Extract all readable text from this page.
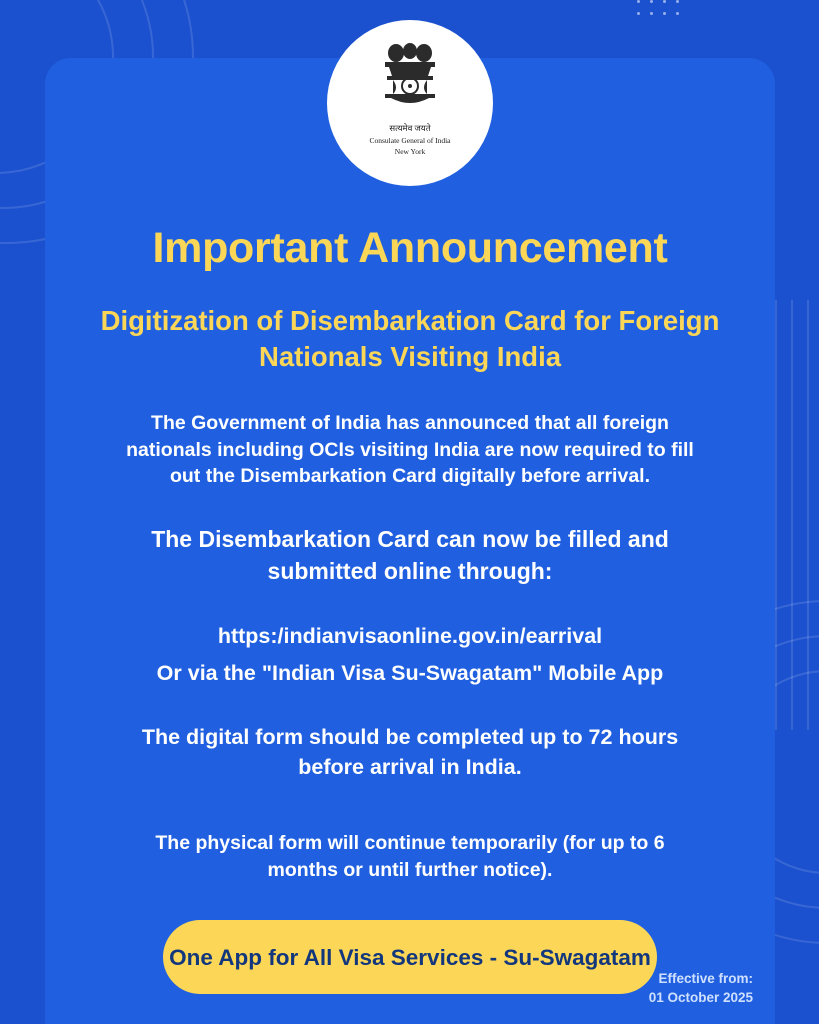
सत्यमेव जयते
Consulate General of India
New York
Important Announcement
Digitization of Disembarkation Card for Foreign Nationals Visiting India
The Government of India has announced that all foreign nationals including OCIs visiting India are now required to fill out the Disembarkation Card digitally before arrival.
The Disembarkation Card can now be filled and submitted online through:
https:/indianvisaonline.gov.in/earrival
Or via the "Indian Visa Su-Swagatam" Mobile App
The digital form should be completed up to 72 hours before arrival in India.
The physical form will continue temporarily (for up to 6 months or until further notice).
One App for All Visa Services - Su-Swagatam
Effective from:
01 October 2025
